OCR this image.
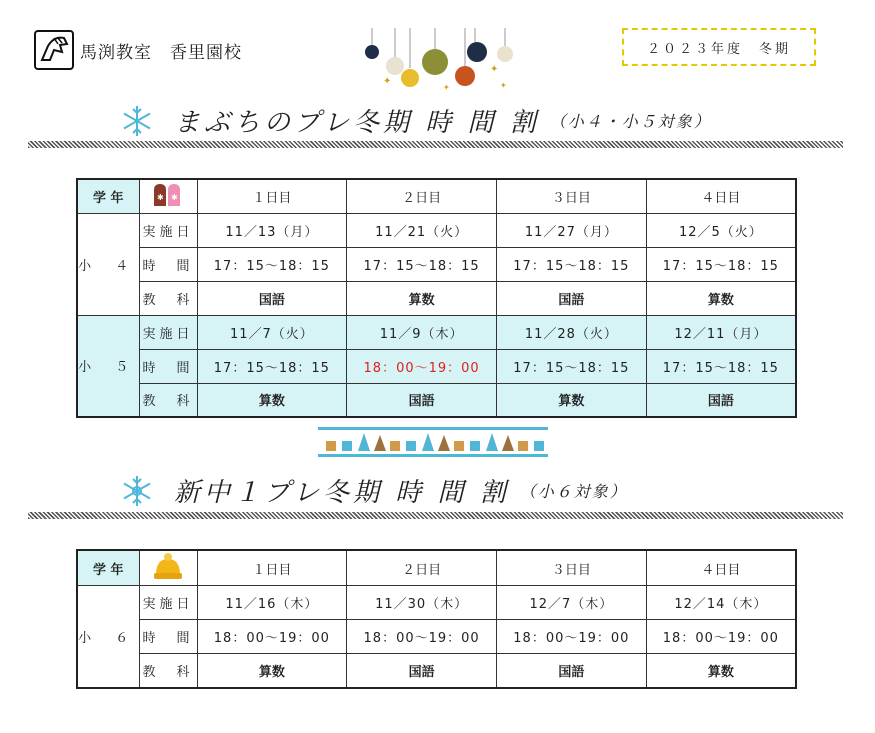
馬渕教室　香里園校
✦
✦
✦	✦
２０２３年度　冬期
まぶちのプレ冬期 時 間 割 （小４・小５対象）
学 年	✱ ✱	１日目	２日目	３日目	４日目
小 ４	実施日	11／13（月）	11／21（火）	11／27（月）	12／5（火）
	時　間	17：15～18：15	17：15～18：15	17：15～18：15	17：15～18：15
	教　科	国語	算数	国語	算数
小 ５	実施日	11／7（火）	11／9（木）	11／28（火）	12／11（月）
	時　間	17：15～18：15	18：00～19：00	17：15～18：15	17：15～18：15
	教　科	算数	国語	算数	国語
新中１プレ冬期 時 間 割 （小６対象）
学 年		１日目	２日目	３日目	４日目
小 ６	実施日	11／16（木）	11／30（木）	12／7（木）	12／14（木）
	時　間	18：00～19：00	18：00～19：00	18：00～19：00	18：00～19：00
	教　科	算数	国語	国語	算数
